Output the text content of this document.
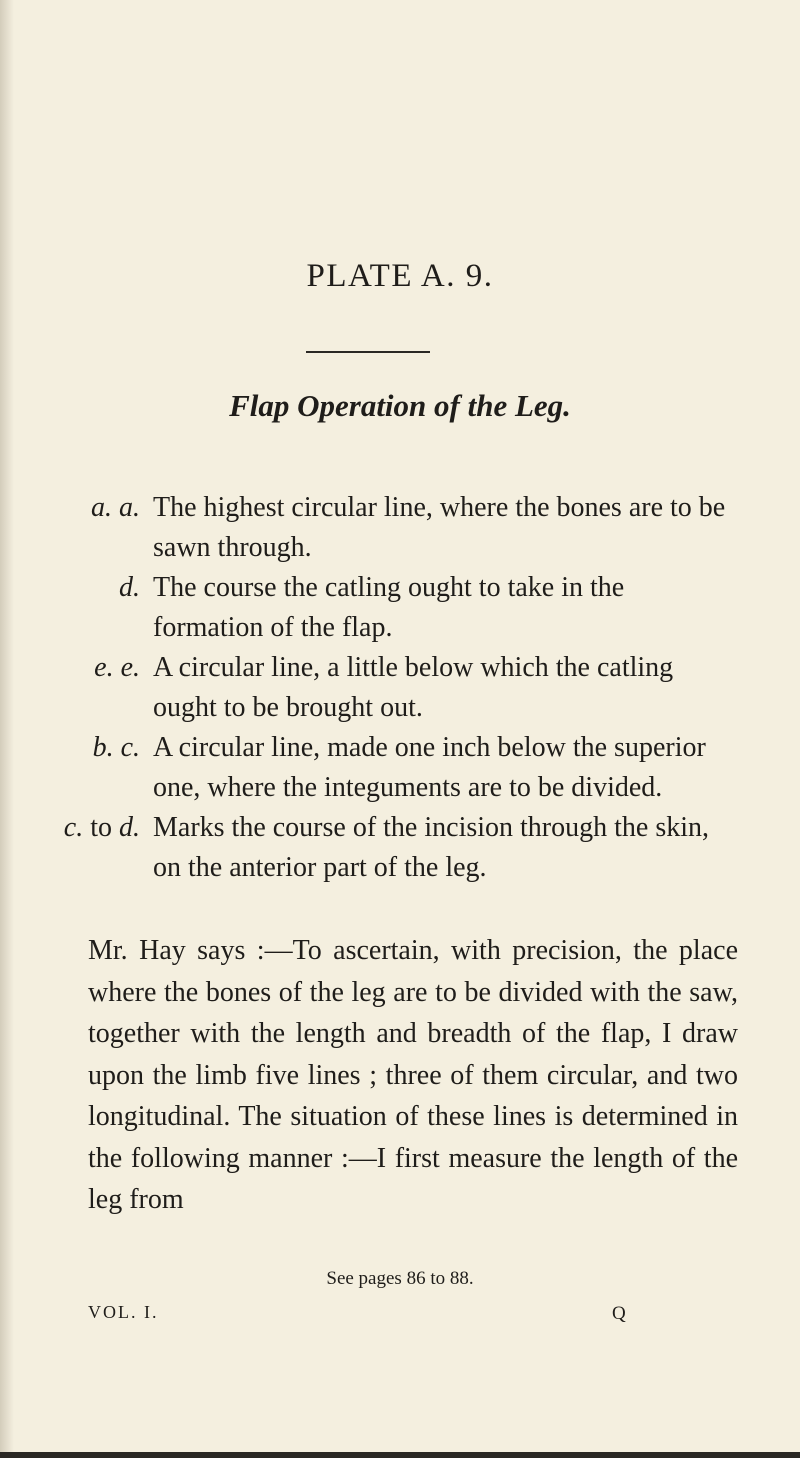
PLATE A. 9.
Flap Operation of the Leg.
a. a. The highest circular line, where the bones are to be sawn through.
d. The course the catling ought to take in the formation of the flap.
e. e. A circular line, a little below which the catling ought to be brought out.
b. c. A circular line, made one inch below the superior one, where the integuments are to be divided.
c. to d. Marks the course of the incision through the skin, on the anterior part of the leg.

Mr. Hay says :—To ascertain, with precision, the place where the bones of the leg are to be divided with the saw, together with the length and breadth of the flap, I draw upon the limb five lines ; three of them circular, and two longitudinal. The situation of these lines is determined in the following manner :—I first measure the length of the leg from

See pages 86 to 88.

VOL. I.	Q
